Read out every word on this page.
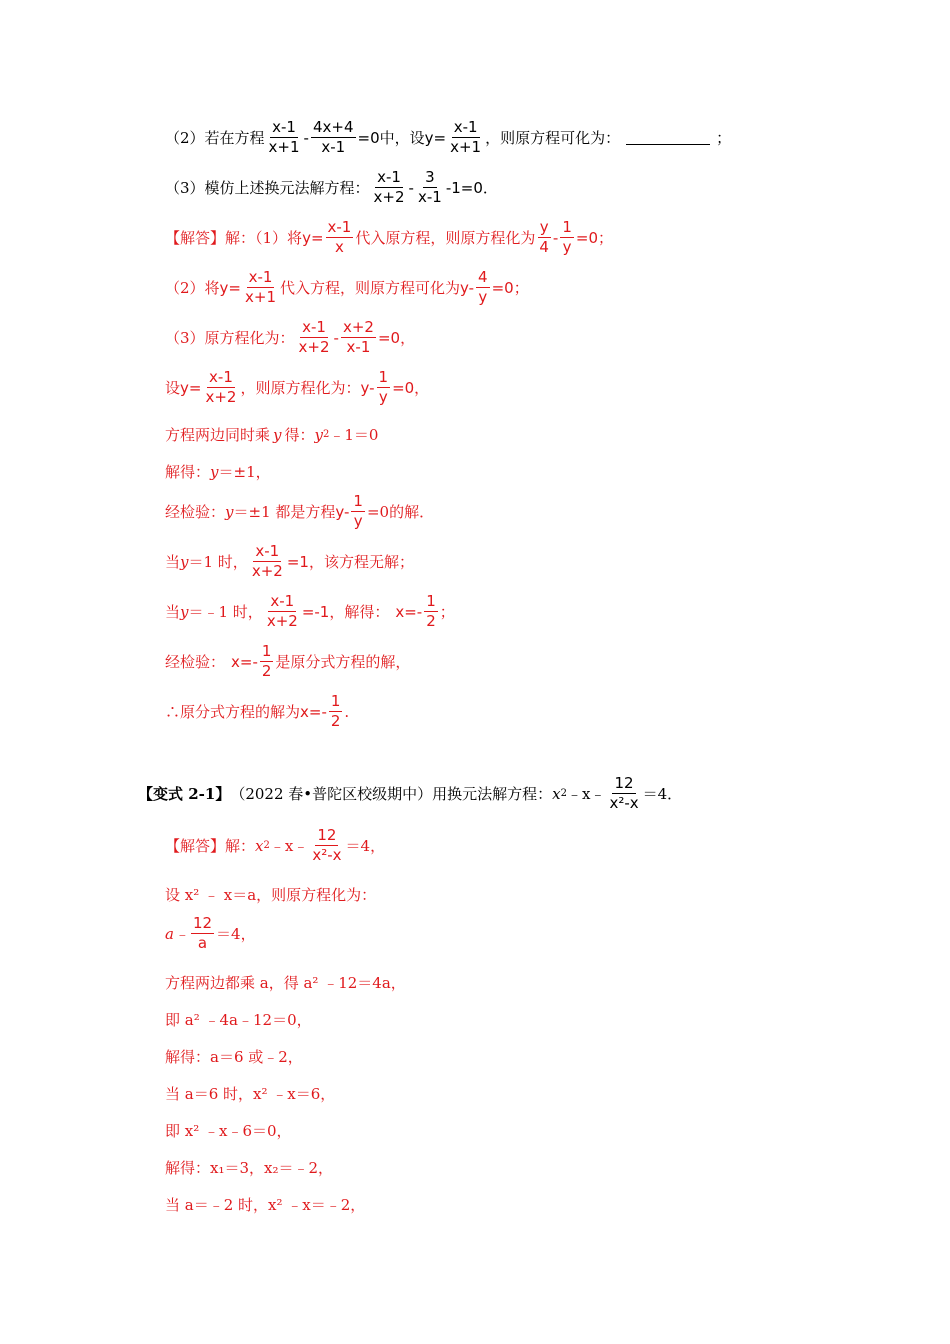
（2）若在方程 $\frac{x-1}{x+1} - \frac{4x+4}{x-1} =0$ 中，设 $y= \frac{x-1}{x+1}$ ，则原方程可化为：	；
（3）模仿上述换元法解方程： $\frac{x-1}{x+2} - \frac{3}{x-1} -1=0$．
【解答】 解：（1）将 $y= \frac{x-1}{x}$ 代入原方程，则原方程化为 $\frac{y}{4} - \frac{1}{y} =0$；
（2）将 $y= \frac{x-1}{x+1}$ 代入方程，则原方程可化为 $y- \frac{4}{y} =0$；
（3）原方程化为： $\frac{x-1}{x+2} - \frac{x+2}{x-1} =0$，
设 $y= \frac{x-1}{x+2}$ ，则原方程化为： $y- \frac{1}{y} =0$，
方程两边同时乘 y 得： y 2 ﹣1＝0
解得： y ＝±1，
经检验： y ＝±1 都是方程 $y- \frac{1}{y} =0$的解．
当 y ＝1 时， $\frac{x-1}{x+2} =1$ ，该方程无解；
当 y ＝﹣1 时， $\frac{x-1}{x+2} =-1$ ，解得： $x=- \frac{1}{2}$ ；
经检验： $x=- \frac{1}{2}$ 是原分式方程的解，
∴原分式方程的解为 $x=- \frac{1}{2}$ .
【变式 2-1】 （2022 春•普陀区校级期中）用换元法解方程： x 2 ﹣x﹣ $\frac{12}{\text{x²-x}} =4$．
【解答】 解： x 2 ﹣x﹣ $\frac{12}{\text{x²-x}} =4$，
设 x² ﹣ x＝a，则原方程化为：
a﹣ $\frac{12}{a} =4$，
方程两边都乘 a，得 a² ﹣12＝4a，
即 a² ﹣4a﹣12＝0，
解得：a＝6 或﹣2，
当 a＝6 时，x² ﹣x＝6，
即 x² ﹣x﹣6＝0，
解得：x₁＝3，x₂＝﹣2，
当 a＝﹣2 时，x² ﹣x＝﹣2，
